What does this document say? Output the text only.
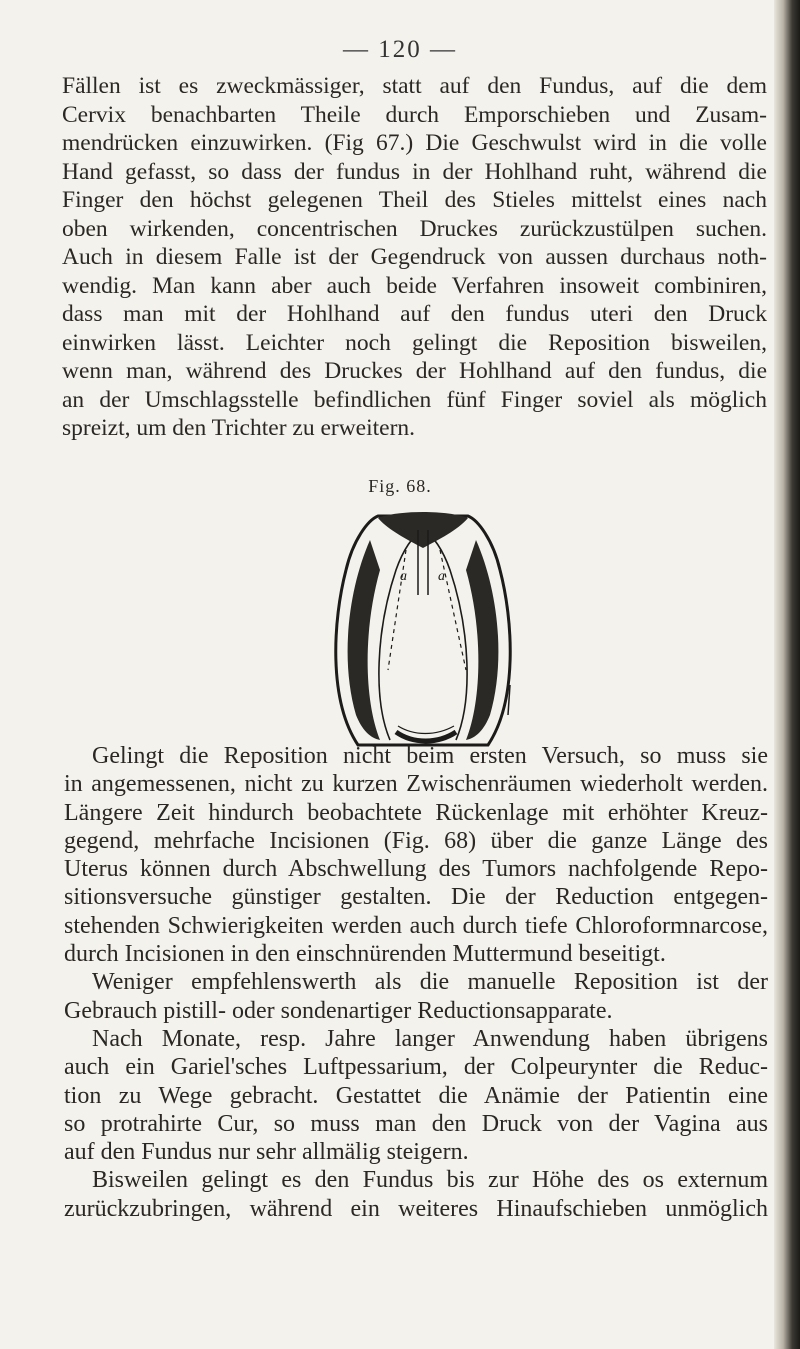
— 120 —
Fällen ist es zweckmässiger, statt auf den Fundus, auf die dem
Cervix benachbarten Theile durch Emporschieben und Zusam-
mendrücken einzuwirken. (Fig 67.) Die Geschwulst wird in die volle
Hand gefasst, so dass der fundus in der Hohlhand ruht, während die
Finger den höchst gelegenen Theil des Stieles mittelst eines nach
oben wirkenden, concentrischen Druckes zurückzustülpen suchen.
Auch in diesem Falle ist der Gegendruck von aussen durchaus noth-
wendig. Man kann aber auch beide Verfahren insoweit combiniren,
dass man mit der Hohlhand auf den fundus uteri den Druck
einwirken lässt. Leichter noch gelingt die Reposition bisweilen,
wenn man, während des Druckes der Hohlhand auf den fundus, die
an der Umschlagsstelle befindlichen fünf Finger soviel als möglich
spreizt, um den Trichter zu erweitern.
Fig. 68.
a a
Gelingt die Reposition nicht beim ersten Versuch, so muss sie
in angemessenen, nicht zu kurzen Zwischenräumen wiederholt werden.
Längere Zeit hindurch beobachtete Rückenlage mit erhöhter Kreuz-
gegend, mehrfache Incisionen (Fig. 68) über die ganze Länge des
Uterus können durch Abschwellung des Tumors nachfolgende Repo-
sitionsversuche günstiger gestalten. Die der Reduction entgegen-
stehenden Schwierigkeiten werden auch durch tiefe Chloroformnarcose,
durch Incisionen in den einschnürenden Muttermund beseitigt.
Weniger empfehlenswerth als die manuelle Reposition ist der
Gebrauch pistill- oder sondenartiger Reductionsapparate.
Nach Monate, resp. Jahre langer Anwendung haben übrigens
auch ein Gariel'sches Luftpessarium, der Colpeurynter die Reduc-
tion zu Wege gebracht. Gestattet die Anämie der Patientin eine
so protrahirte Cur, so muss man den Druck von der Vagina aus
auf den Fundus nur sehr allmälig steigern.
Bisweilen gelingt es den Fundus bis zur Höhe des os externum
zurückzubringen, während ein weiteres Hinaufschieben unmöglich
